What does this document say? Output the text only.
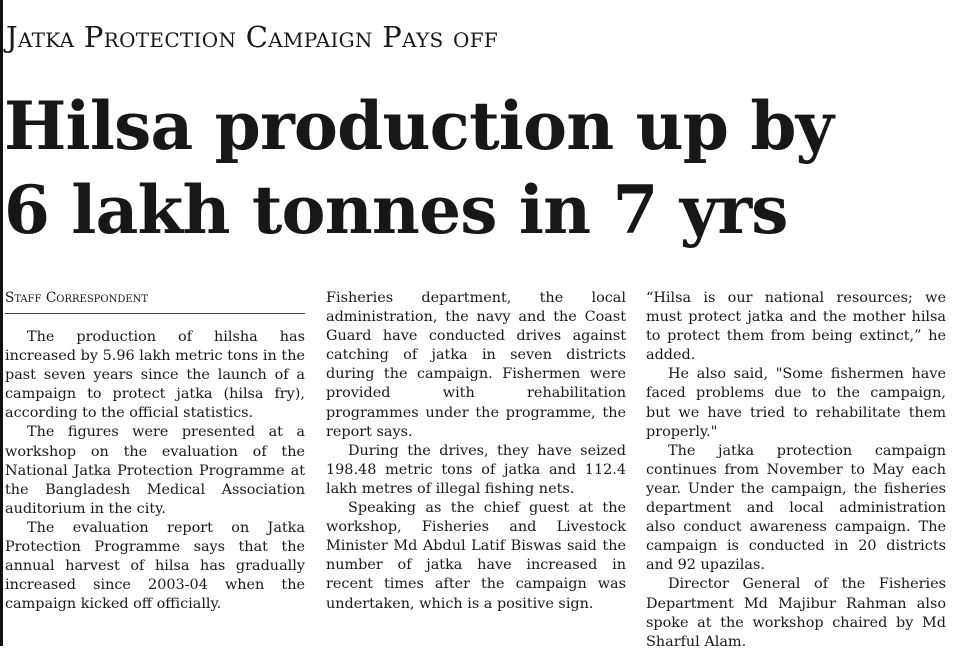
Jatka Protection Campaign Pays off
Hilsa production up by
6 lakh tonnes in 7 yrs
Staff Correspondent

The production of hilsha has increased by 5.96 lakh metric tons in the past seven years since the launch of a campaign to protect jatka (hilsa fry), according to the official statistics.

The figures were presented at a workshop on the evaluation of the National Jatka Protection Programme at the Bangladesh Medical Association auditorium in the city.

The evaluation report on Jatka Protection Programme says that the annual harvest of hilsa has gradually increased since 2003-04 when the campaign kicked off officially.

Fisheries department, the local administration, the navy and the Coast Guard have conducted drives against catching of jatka in seven districts during the campaign. Fishermen were provided with rehabilitation programmes under the programme, the report says.

During the drives, they have seized 198.48 metric tons of jatka and 112.4 lakh metres of illegal fishing nets.

Speaking as the chief guest at the workshop, Fisheries and Livestock Minister Md Abdul Latif Biswas said the number of jatka have increased in recent times after the campaign was undertaken, which is a positive sign.

“Hilsa is our national resources; we must protect jatka and the mother hilsa to protect them from being extinct,” he added.

He also said, "Some fishermen have faced problems due to the campaign, but we have tried to rehabilitate them properly."

The jatka protection campaign continues from November to May each year. Under the campaign, the fisheries department and local administration also conduct awareness campaign. The campaign is conducted in 20 districts and 92 upazilas.

Director General of the Fisheries Department Md Majibur Rahman also spoke at the workshop chaired by Md Sharful Alam.
